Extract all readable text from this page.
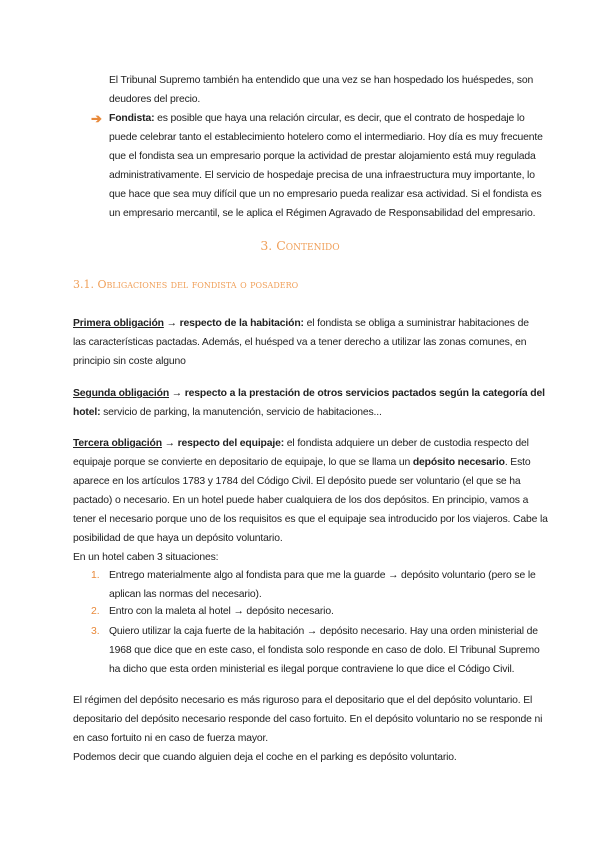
El Tribunal Supremo también ha entendido que una vez se han hospedado los huéspedes, son
deudores del precio.
➔ Fondista: es posible que haya una relación circular, es decir, que el contrato de hospedaje lo
puede celebrar tanto el establecimiento hotelero como el intermediario. Hoy día es muy frecuente
que el fondista sea un empresario porque la actividad de prestar alojamiento está muy regulada
administrativamente. El servicio de hospedaje precisa de una infraestructura muy importante, lo
que hace que sea muy difícil que un no empresario pueda realizar esa actividad. Si el fondista es
un empresario mercantil, se le aplica el Régimen Agravado de Responsabilidad del empresario.
3. Contenido
3.1. Obligaciones del fondista o posadero
Primera obligación → respecto de la habitación: el fondista se obliga a suministrar habitaciones de
las características pactadas. Además, el huésped va a tener derecho a utilizar las zonas comunes, en
principio sin coste alguno
Segunda obligación → respecto a la prestación de otros servicios pactados según la categoría del
hotel: servicio de parking, la manutención, servicio de habitaciones...
Tercera obligación → respecto del equipaje: el fondista adquiere un deber de custodia respecto del
equipaje porque se convierte en depositario de equipaje, lo que se llama un depósito necesario. Esto
aparece en los artículos 1783 y 1784 del Código Civil. El depósito puede ser voluntario (el que se ha
pactado) o necesario. En un hotel puede haber cualquiera de los dos depósitos. En principio, vamos a
tener el necesario porque uno de los requisitos es que el equipaje sea introducido por los viajeros. Cabe la
posibilidad de que haya un depósito voluntario.
En un hotel caben 3 situaciones:
1. Entrego materialmente algo al fondista para que me la guarde → depósito voluntario (pero se le
aplican las normas del necesario).
2. Entro con la maleta al hotel → depósito necesario.
3. Quiero utilizar la caja fuerte de la habitación → depósito necesario. Hay una orden ministerial de
1968 que dice que en este caso, el fondista solo responde en caso de dolo. El Tribunal Supremo
ha dicho que esta orden ministerial es ilegal porque contraviene lo que dice el Código Civil.
El régimen del depósito necesario es más riguroso para el depositario que el del depósito voluntario. El
depositario del depósito necesario responde del caso fortuito. En el depósito voluntario no se responde ni
en caso fortuito ni en caso de fuerza mayor.
Podemos decir que cuando alguien deja el coche en el parking es depósito voluntario.
